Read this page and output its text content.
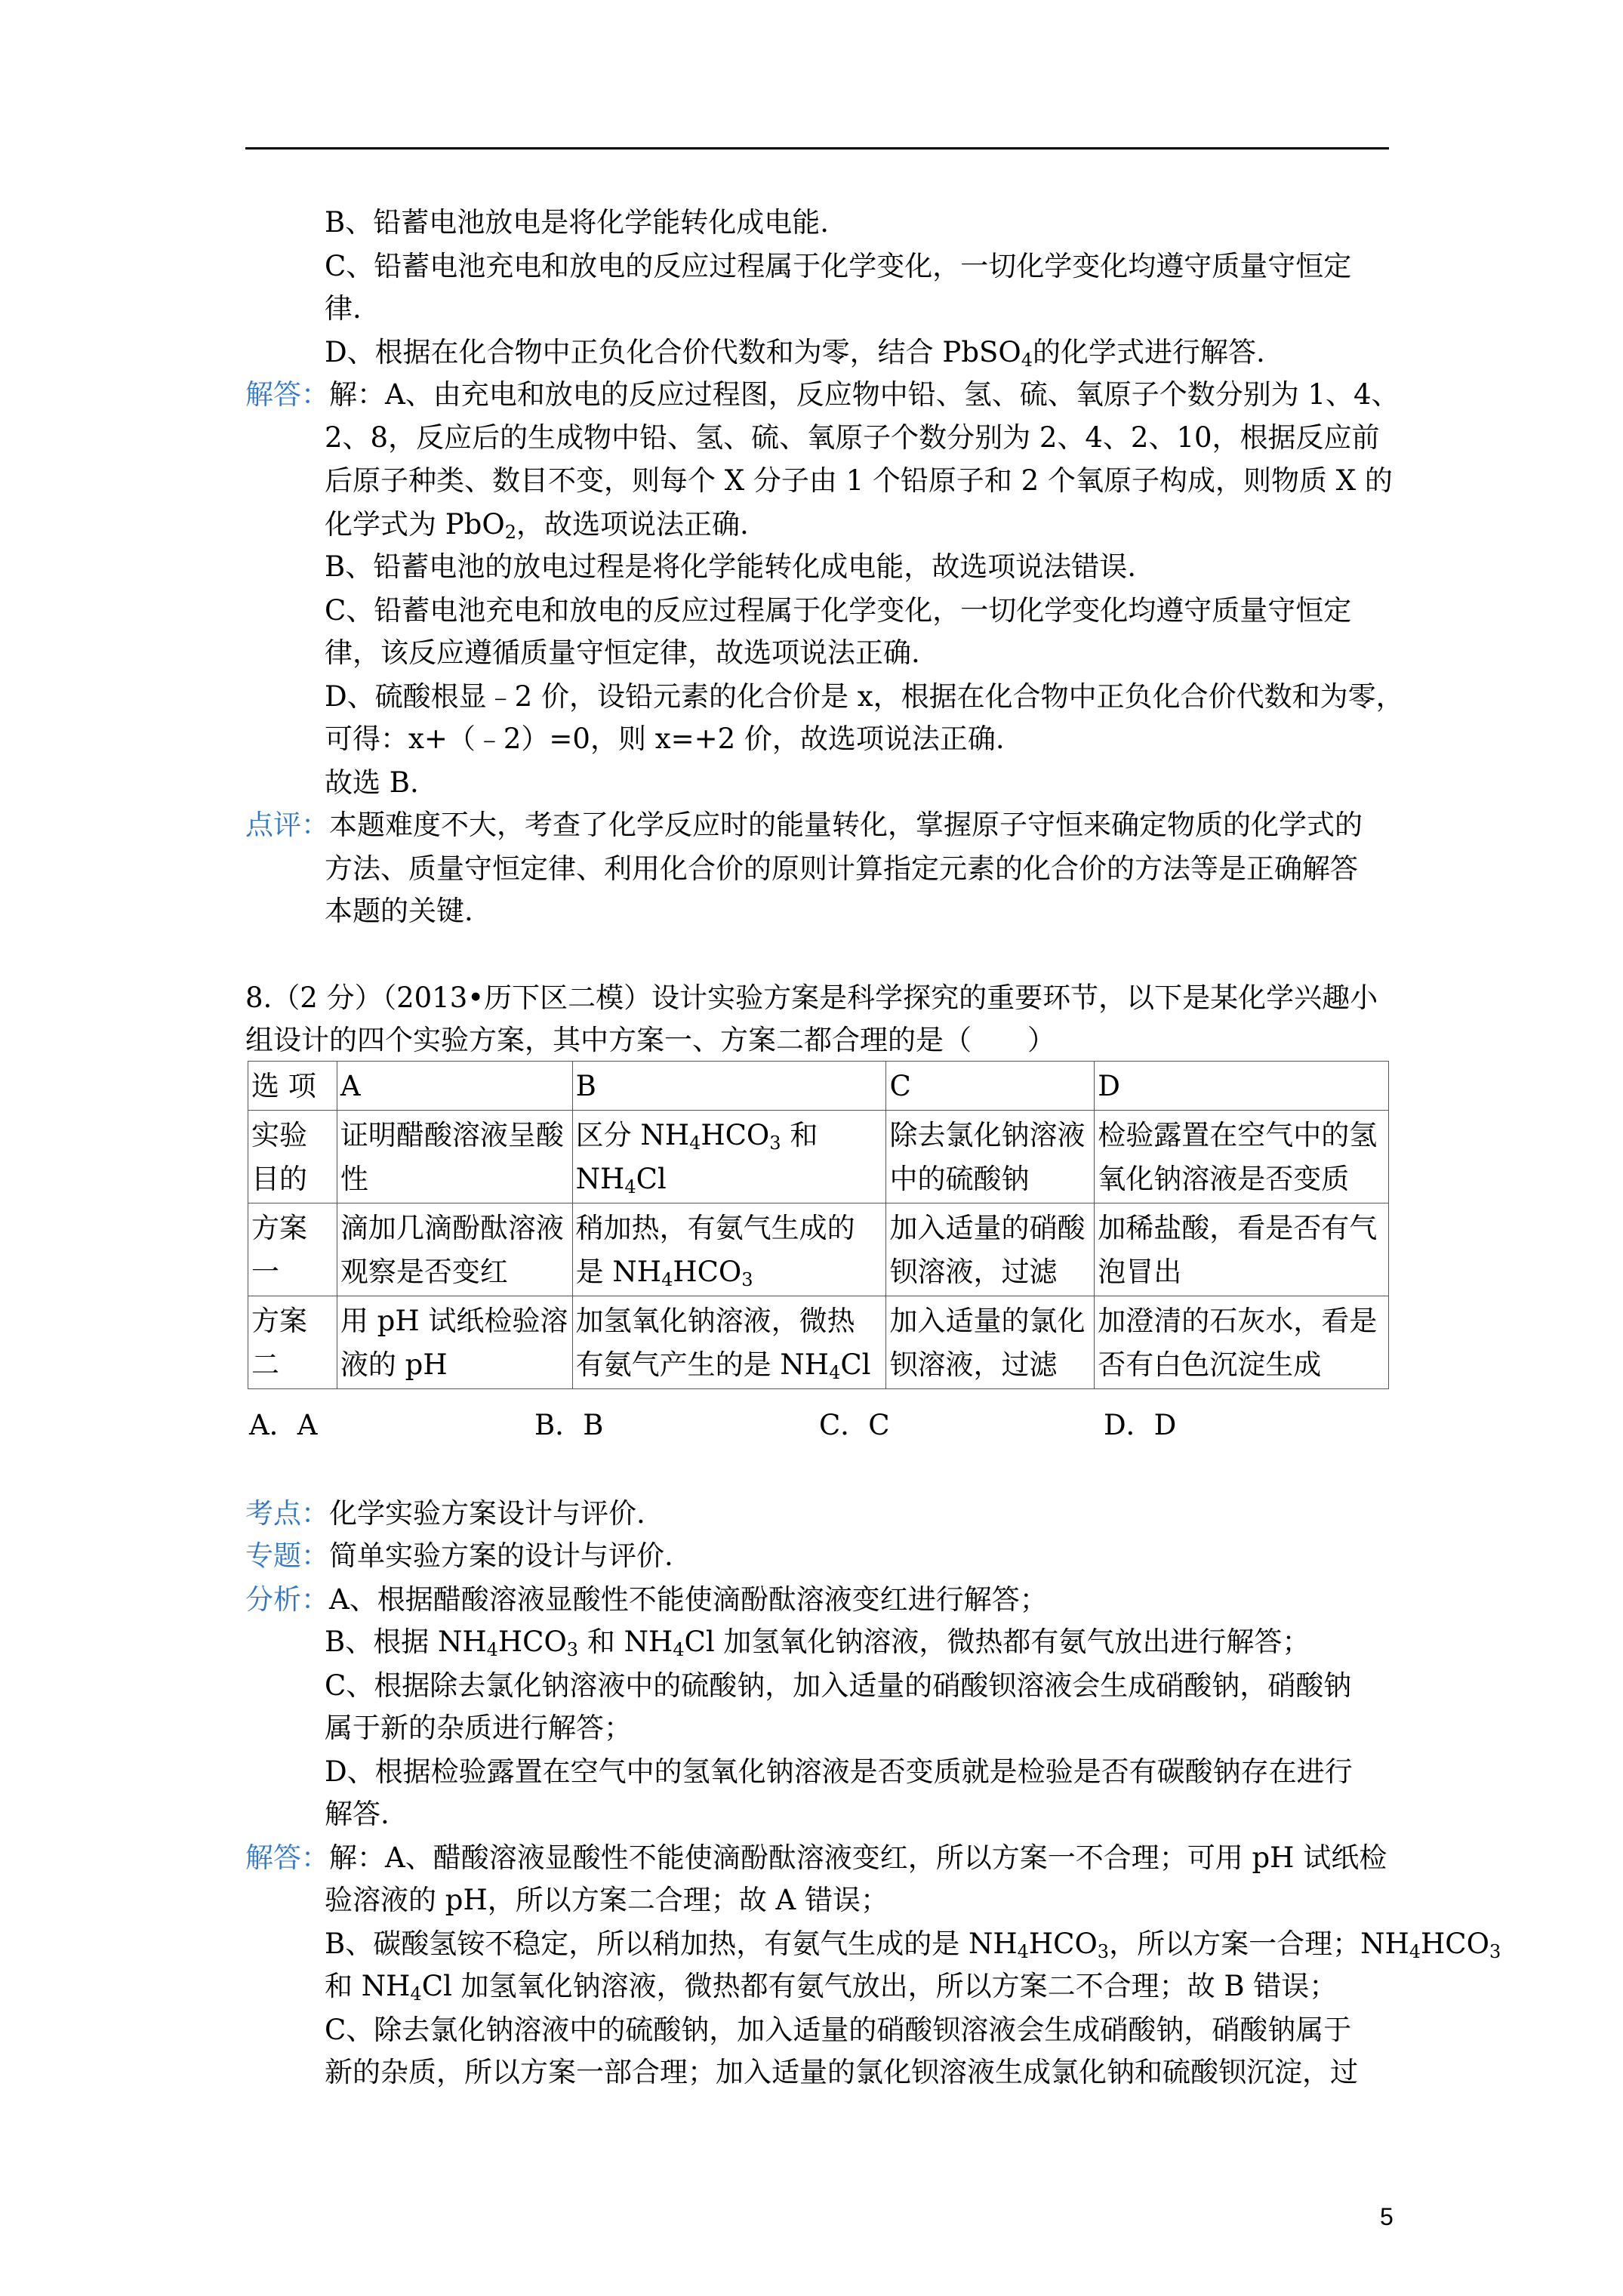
B、铅蓄电池放电是将化学能转化成电能.
C、铅蓄电池充电和放电的反应过程属于化学变化，一切化学变化均遵守质量守恒定
律.
D、根据在化合物中正负化合价代数和为零，结合 PbSO$_4$的化学式进行解答.
解答：解：A、由充电和放电的反应过程图，反应物中铅、氢、硫、氧原子个数分别为 1、4、
2、8，反应后的生成物中铅、氢、硫、氧原子个数分别为 2、4、2、10，根据反应前
后原子种类、数目不变，则每个 X 分子由 1 个铅原子和 2 个氧原子构成，则物质 X 的
化学式为 PbO$_2$，故选项说法正确.
B、铅蓄电池的放电过程是将化学能转化成电能，故选项说法错误.
C、铅蓄电池充电和放电的反应过程属于化学变化，一切化学变化均遵守质量守恒定
律，该反应遵循质量守恒定律，故选项说法正确.
D、硫酸根显﹣2 价，设铅元素的化合价是 x，根据在化合物中正负化合价代数和为零，
可得：x+（﹣2）=0，则 x=+2 价，故选项说法正确.
故选 B.
点评：本题难度不大，考查了化学反应时的能量转化，掌握原子守恒来确定物质的化学式的
方法、质量守恒定律、利用化合价的原则计算指定元素的化合价的方法等是正确解答
本题的关键.
8.（2 分）（2013•历下区二模）设计实验方案是科学探究的重要环节，以下是某化学兴趣小
组设计的四个实验方案，其中方案一、方案二都合理的是（　　）
选 项	A	B	C	D
实验目的	证明醋酸溶液呈酸性	区分 $NH_4HCO_3$ 和 $NH_4Cl$	除去氯化钠溶液中的硫酸钠	检验露置在空气中的氢氧化钠溶液是否变质
方案一	滴加几滴酚酞溶液观察是否变红	稍加热，有氨气生成的是 $NH_4HCO_3$	加入适量的硝酸钡溶液，过滤	加稀盐酸，看是否有气泡冒出
方案二	用 pH 试纸检验溶液的 pH	加氢氧化钠溶液，微热有氨气产生的是 $NH_4Cl$	加入适量的氯化钡溶液，过滤	加澄清的石灰水，看是否有白色沉淀生成
A．A	B．B	C．C	D．D
考点：化学实验方案设计与评价.
专题：简单实验方案的设计与评价.
分析：A、根据醋酸溶液显酸性不能使滴酚酞溶液变红进行解答；
B、根据 $NH_4HCO_3$ 和 $NH_4Cl$ 加氢氧化钠溶液，微热都有氨气放出进行解答；
C、根据除去氯化钠溶液中的硫酸钠，加入适量的硝酸钡溶液会生成硝酸钠，硝酸钠
属于新的杂质进行解答；
D、根据检验露置在空气中的氢氧化钠溶液是否变质就是检验是否有碳酸钠存在进行
解答.
解答：解：A、醋酸溶液显酸性不能使滴酚酞溶液变红，所以方案一不合理；可用 pH 试纸检
验溶液的 pH，所以方案二合理；故 A 错误；
B、碳酸氢铵不稳定，所以稍加热，有氨气生成的是 $NH_4HCO_3$，所以方案一合理；$NH_4HCO_3$
和 $NH_4Cl$ 加氢氧化钠溶液，微热都有氨气放出，所以方案二不合理；故 B 错误；
C、除去氯化钠溶液中的硫酸钠，加入适量的硝酸钡溶液会生成硝酸钠，硝酸钠属于
新的杂质，所以方案一部合理；加入适量的氯化钡溶液生成氯化钠和硫酸钡沉淀，过
5
